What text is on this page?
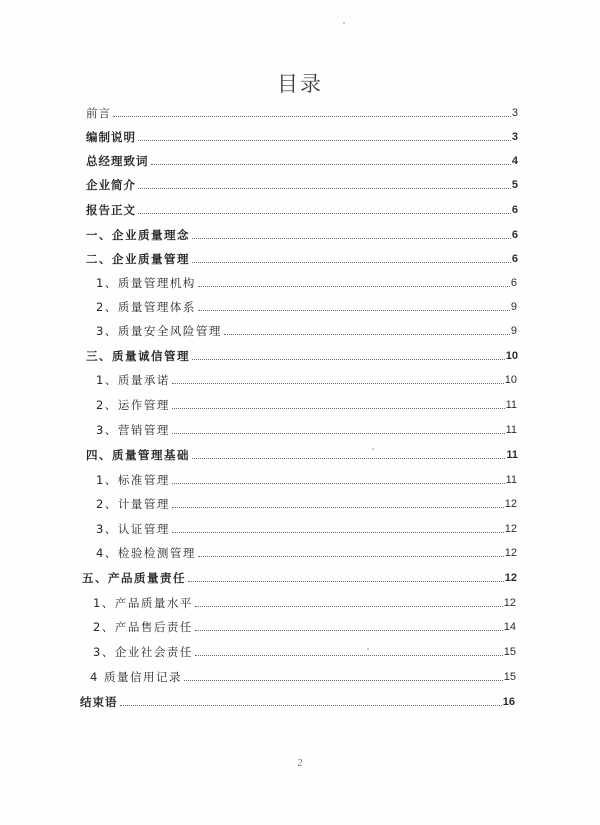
目录
前言	3
编制说明	3
总经理致词	4
企业简介	5
报告正文	6
一、企业质量理念	6
二、企业质量管理	6
1、质量管理机构	6
2、质量管理体系	9
3、质量安全风险管理	9
三、质量诚信管理	10
1、质量承诺	10
2、运作管理	11
3、营销管理	11
四、质量管理基础	11
1、标准管理	11
2、计量管理	12
3、认证管理	12
4、检验检测管理	12
五、产品质量责任	12
1、产品质量水平	12
2、产品售后责任	14
3、企业社会责任	15
4 质量信用记录	15
结束语	16
2
